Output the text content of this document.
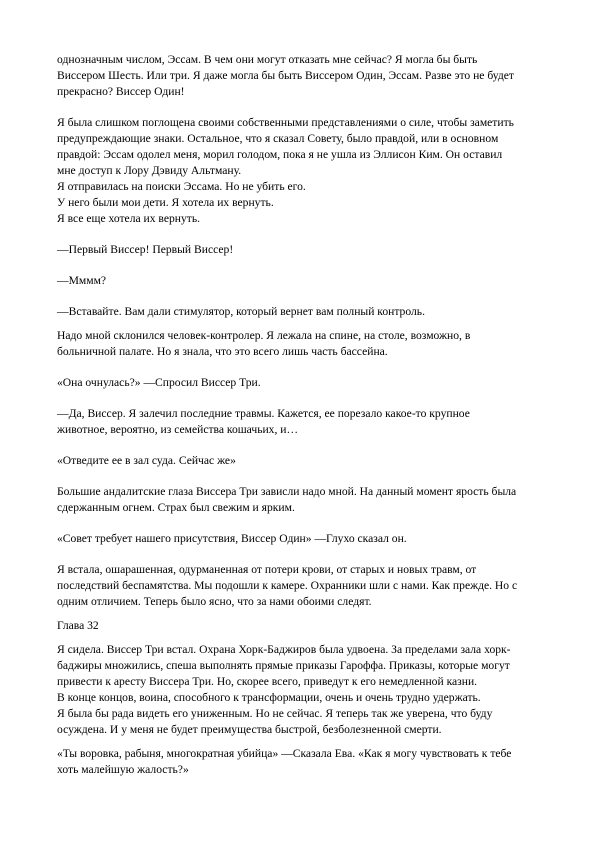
однозначным числом, Эссам. В чем они могут отказать мне сейчас? Я могла бы быть
Виссером Шесть. Или три. Я даже могла бы быть Виссером Один, Эссам. Разве это не будет
прекрасно? Виссер Один!
Я была слишком поглощена своими собственными представлениями о силе, чтобы заметить
предупреждающие знаки. Остальное, что я сказал Совету, было правдой, или в основном
правдой: Эссам одолел меня, морил голодом, пока я не ушла из Эллисон Ким. Он оставил
мне доступ к Лору Дэвиду Альтману.
Я отправилась на поиски Эссама. Но не убить его.
У него были мои дети. Я хотела их вернуть.
Я все еще хотела их вернуть.
—Первый Виссер! Первый Виссер!
—Мммм?
—Вставайте. Вам дали стимулятор, который вернет вам полный контроль.
Надо мной склонился человек-контролер. Я лежала на спине, на столе, возможно, в
больничной палате. Но я знала, что это всего лишь часть бассейна.
«Она очнулась?» —Спросил Виссер Три.
—Да, Виссер. Я залечил последние травмы. Кажется, ее порезало какое-то крупное
животное, вероятно, из семейства кошачьих, и…
«Отведите ее в зал суда. Сейчас же»
Большие андалитские глаза Виссера Три зависли надо мной. На данный момент ярость была
сдержанным огнем. Страх был свежим и ярким.
«Совет требует нашего присутствия, Виссер Один» —Глухо сказал он.
Я встала, ошарашенная, одурманенная от потери крови, от старых и новых травм, от
последствий беспамятства. Мы подошли к камере. Охранники шли с нами. Как прежде. Но с
одним отличием. Теперь было ясно, что за нами обоими следят.
Глава 32
Я сидела. Виссер Три встал. Охрана Хорк-Баджиров была удвоена. За пределами зала хорк-
баджиры множились, спеша выполнять прямые приказы Гароффа. Приказы, которые могут
привести к аресту Виссера Три. Но, скорее всего, приведут к его немедленной казни.
В конце концов, воина, способного к трансформации, очень и очень трудно удержать.
Я была бы рада видеть его униженным. Но не сейчас. Я теперь так же уверена, что буду
осуждена. И у меня не будет преимущества быстрой, безболезненной смерти.
«Ты воровка, рабыня, многократная убийца» —Сказала Ева. «Как я могу чувствовать к тебе
хоть малейшую жалость?»
